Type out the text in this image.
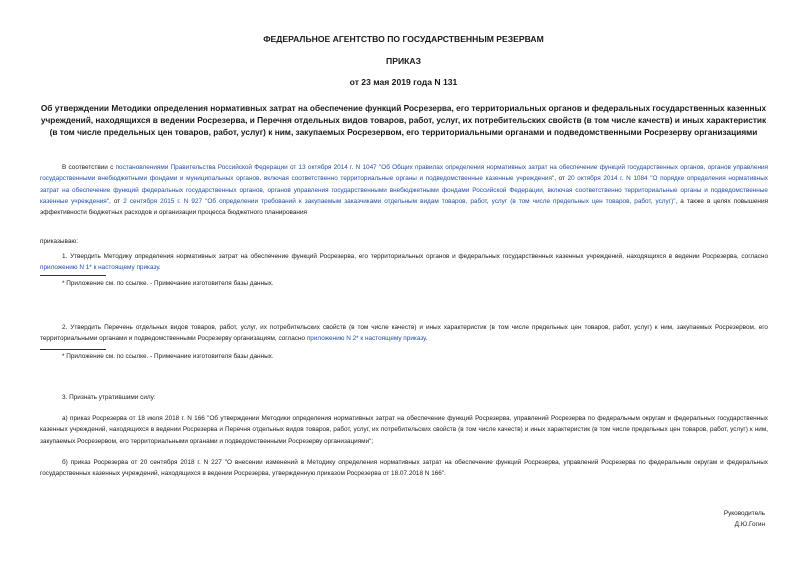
ФЕДЕРАЛЬНОЕ АГЕНТСТВО ПО ГОСУДАРСТВЕННЫМ РЕЗЕРВАМ
ПРИКАЗ
от 23 мая 2019 года N 131
Об утверждении Методики определения нормативных затрат на обеспечение функций Росрезерва, его территориальных органов и федеральных государственных казенных учреждений, находящихся в ведении Росрезерва, и Перечня отдельных видов товаров, работ, услуг, их потребительских свойств (в том числе качеств) и иных характеристик (в том числе предельных цен товаров, работ, услуг) к ним, закупаемых Росрезервом, его территориальными органами и подведомственными Росрезерву организациями
В соответствии с постановлениями Правительства Российской Федерации от 13 октября 2014 г. N 1047 "Об Общих правилах определения нормативных затрат на обеспечение функций государственных органов, органов управления государственными внебюджетными фондами и муниципальных органов, включая соответственно территориальные органы и подведомственные казенные учреждения", от 20 октября 2014 г. N 1084 "О порядке определения нормативных затрат на обеспечение функций федеральных государственных органов, органов управления государственными внебюджетными фондами Российской Федерации, включая соответственно территориальные органы и подведомственные казенные учреждения", от 2 сентября 2015 г. N 927 "Об определении требований к закупаемым заказчиками отдельным видам товаров, работ, услуг (в том числе предельных цен товаров, работ, услуг)", а также в целях повышения эффективности бюджетных расходов и организации процесса бюджетного планирования
приказываю:
1. Утвердить Методику определения нормативных затрат на обеспечение функций Росрезерва, его территориальных органов и федеральных государственных казенных учреждений, находящихся в ведении Росрезерва, согласно приложению N 1* к настоящему приказу.
* Приложение см. по ссылке. - Примечание изготовителя базы данных.
2. Утвердить Перечень отдельных видов товаров, работ, услуг, их потребительских свойств (в том числе качеств) и иных характеристик (в том числе предельных цен товаров, работ, услуг) к ним, закупаемых Росрезервом, его территориальными органами и подведомственными Росрезерву организациям, согласно приложению N 2* к настоящему приказу.
* Приложение см. по ссылке. - Примечание изготовителя базы данных.
3. Признать утратившими силу:
а) приказ Росрезерва от 18 июля 2018 г. N 166 "Об утверждении Методики определения нормативных затрат на обеспечение функций Росрезерва, управлений Росрезерва по федеральным округам и федеральных государственных казенных учреждений, находящихся в ведении Росрезерва и Перечня отдельных видов товаров, работ, услуг, их потребительских свойств (в том числе качеств) и иных характеристик (в том числе предельных цен товаров, работ, услуг) к ним, закупаемых Росрезервом, его территориальными органами и подведомственными Росрезерву организациями";
б) приказ Росрезерва от 20 сентября 2018 г. N 227 "О внесении изменений в Методику определения нормативных затрат на обеспечение функций Росрезерва, управлений Росрезерва по федеральным округам и федеральных государственных казенных учреждений, находящихся в ведении Росрезерва, утвержденную приказом Росрезерва от 18.07.2018 N 166".
Руководитель
Д.Ю.Гогин
